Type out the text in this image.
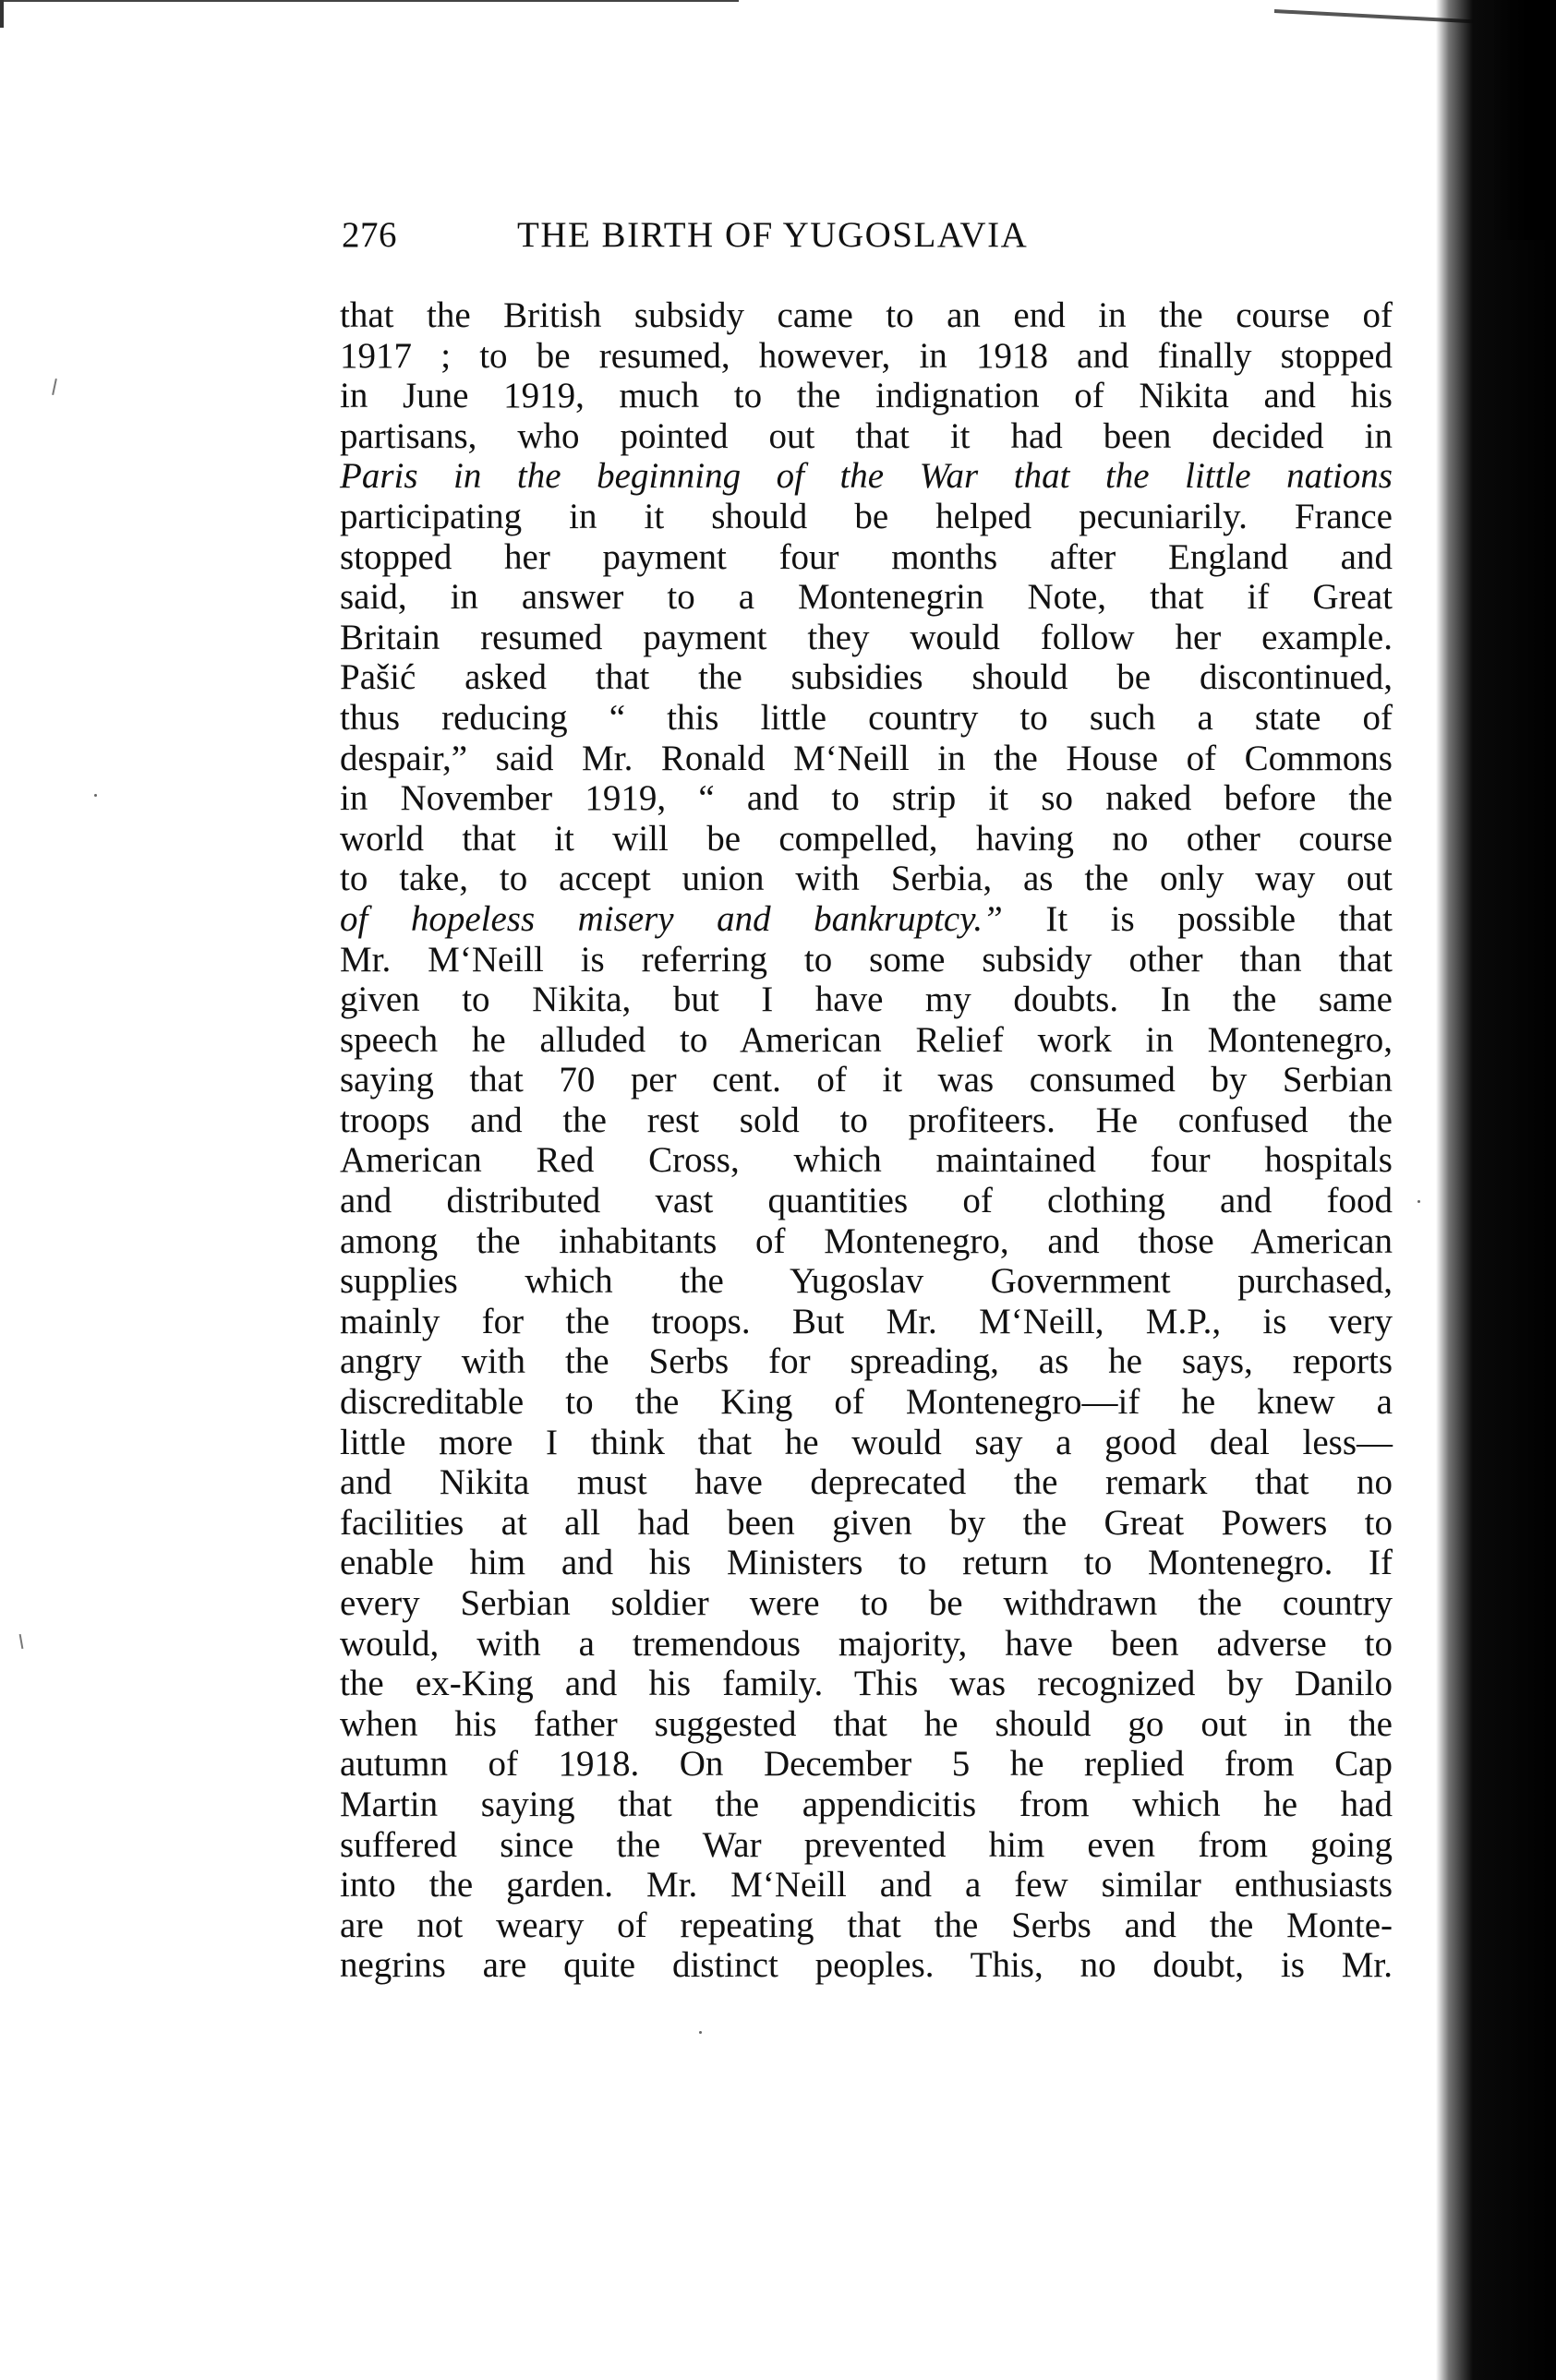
276	THE BIRTH OF YUGOSLAVIA
that the British subsidy came to an end in the course of
1917 ; to be resumed, however, in 1918 and finally stopped
in June 1919, much to the indignation of Nikita and his
partisans, who pointed out that it had been decided in
Paris in the beginning of the War that the little nations
participating in it should be helped pecuniarily. France
stopped her payment four months after England and
said, in answer to a Montenegrin Note, that if Great
Britain resumed payment they would follow her example.
Pašić asked that the subsidies should be discontinued,
thus reducing “ this little country to such a state of
despair,” said Mr. Ronald M‘Neill in the House of Commons
in November 1919, “ and to strip it so naked before the
world that it will be compelled, having no other course
to take, to accept union with Serbia, as the only way out
of hopeless misery and bankruptcy.” It is possible that
Mr. M‘Neill is referring to some subsidy other than that
given to Nikita, but I have my doubts. In the same
speech he alluded to American Relief work in Montenegro,
saying that 70 per cent. of it was consumed by Serbian
troops and the rest sold to profiteers. He confused the
American Red Cross, which maintained four hospitals
and distributed vast quantities of clothing and food
among the inhabitants of Montenegro, and those American
supplies which the Yugoslav Government purchased,
mainly for the troops. But Mr. M‘Neill, M.P., is very
angry with the Serbs for spreading, as he says, reports
discreditable to the King of Montenegro—if he knew a
little more I think that he would say a good deal less—
and Nikita must have deprecated the remark that no
facilities at all had been given by the Great Powers to
enable him and his Ministers to return to Montenegro. If
every Serbian soldier were to be withdrawn the country
would, with a tremendous majority, have been adverse to
the ex-King and his family. This was recognized by Danilo
when his father suggested that he should go out in the
autumn of 1918. On December 5 he replied from Cap
Martin saying that the appendicitis from which he had
suffered since the War prevented him even from going
into the garden. Mr. M‘Neill and a few similar enthusiasts
are not weary of repeating that the Serbs and the Monte-
negrins are quite distinct peoples. This, no doubt, is Mr.
